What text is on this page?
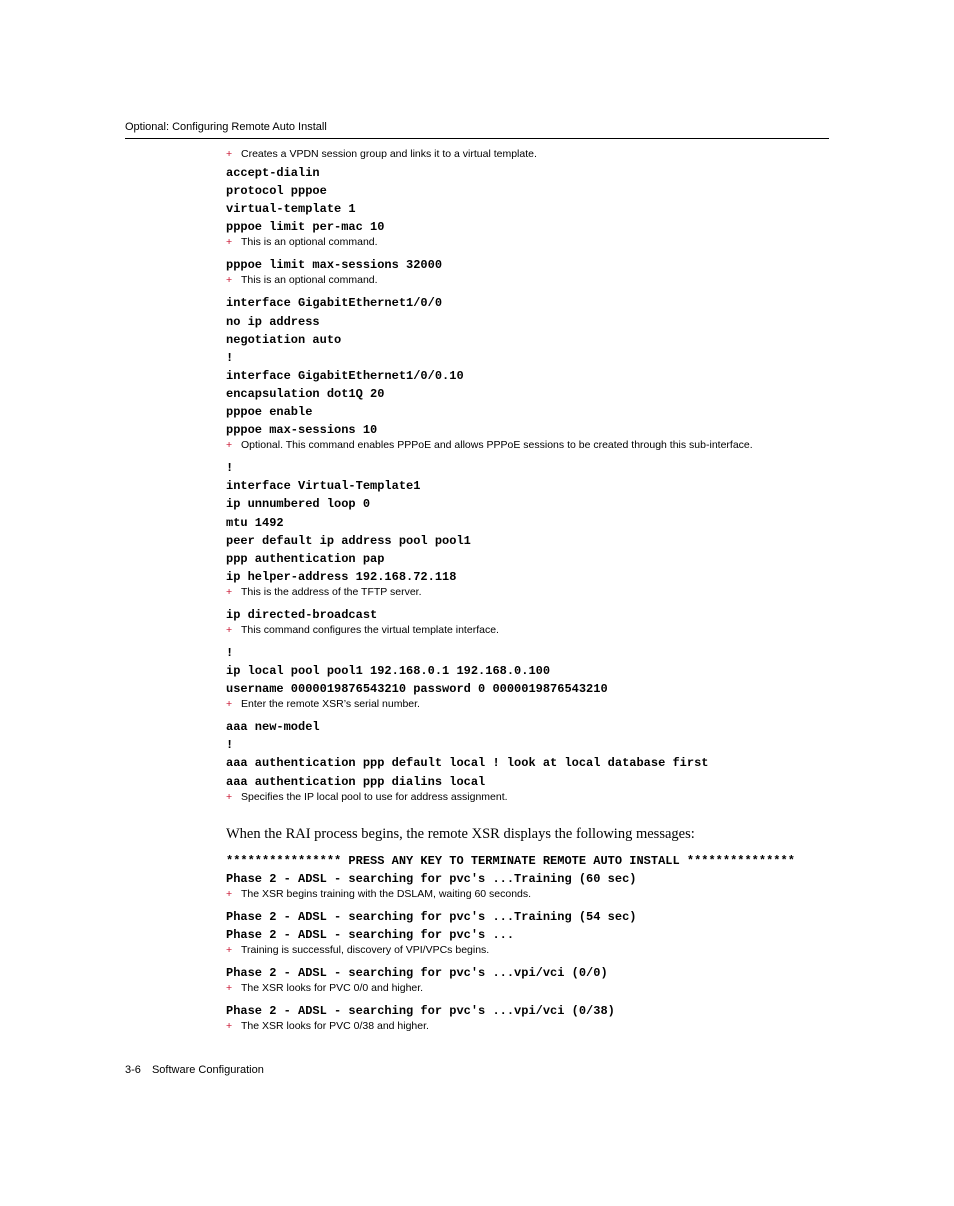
Optional: Configuring Remote Auto Install
+ Creates a VPDN session group and links it to a virtual template.
accept-dialin
protocol pppoe
virtual-template 1
pppoe limit per-mac 10
+ This is an optional command.
pppoe limit max-sessions 32000
+ This is an optional command.
interface GigabitEthernet1/0/0
no ip address
negotiation auto
!
interface GigabitEthernet1/0/0.10
encapsulation dot1Q 20
pppoe enable
pppoe max-sessions 10
+ Optional. This command enables PPPoE and allows PPPoE sessions to be created through this sub-interface.
!
interface Virtual-Template1
ip unnumbered loop 0
mtu 1492
peer default ip address pool pool1
ppp authentication pap
ip helper-address 192.168.72.118
+ This is the address of the TFTP server.
ip directed-broadcast
+ This command configures the virtual template interface.
!
ip local pool pool1 192.168.0.1 192.168.0.100
username 0000019876543210 password 0 0000019876543210
+ Enter the remote XSR’s serial number.
aaa new-model
!
aaa authentication ppp default local ! look at local database first
aaa authentication ppp dialins local
+ Specifies the IP local pool to use for address assignment.
When the RAI process begins, the remote XSR displays the following messages:
**************** PRESS ANY KEY TO TERMINATE REMOTE AUTO INSTALL ***************
Phase 2 - ADSL - searching for pvc's ...Training (60 sec)
+ The XSR begins training with the DSLAM, waiting 60 seconds.
Phase 2 - ADSL - searching for pvc's ...Training (54 sec)
Phase 2 - ADSL - searching for pvc's ...
+ Training is successful, discovery of VPI/VPCs begins.
Phase 2 - ADSL - searching for pvc's ...vpi/vci (0/0)
+ The XSR looks for PVC 0/0 and higher.
Phase 2 - ADSL - searching for pvc's ...vpi/vci (0/38)
+ The XSR looks for PVC 0/38 and higher.
3-6 Software Configuration
